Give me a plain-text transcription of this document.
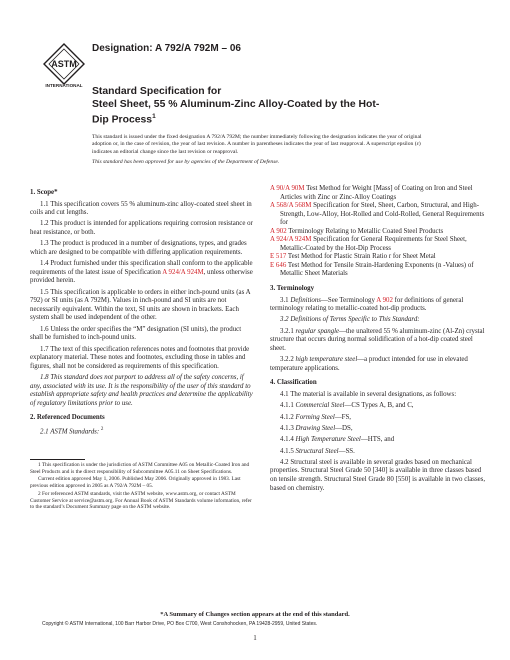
ASTM
INTERNATIONAL
Designation: A 792/A 792M – 06
Standard Specification for
Steel Sheet, 55 % Aluminum-Zinc Alloy-Coated by the Hot-
Dip Process$^1$

This standard is issued under the fixed designation A 792/A 792M; the number immediately following the designation indicates the year of original adoption or, in the case of revision, the year of last revision. A number in parentheses indicates the year of last reapproval. A superscript epsilon (ε) indicates an editorial change since the last revision or reapproval.

This standard has been approved for use by agencies of the Department of Defense.

1. Scope*

1.1 This specification covers 55 % aluminum-zinc alloy-coated steel sheet in coils and cut lengths.

1.2 This product is intended for applications requiring corrosion resistance or heat resistance, or both.

1.3 The product is produced in a number of designations, types, and grades which are designed to be compatible with differing application requirements.

1.4 Product furnished under this specification shall conform to the applicable requirements of the latest issue of Specification A 924/A 924M, unless otherwise provided herein.

1.5 This specification is applicable to orders in either inch-pound units (as A 792) or SI units (as A 792M). Values in inch-pound and SI units are not necessarily equivalent. Within the text, SI units are shown in brackets. Each system shall be used independent of the other.

1.6 Unless the order specifies the “M” designation (SI units), the product shall be furnished to inch-pound units.

1.7 The text of this specification references notes and footnotes that provide explanatory material. These notes and footnotes, excluding those in tables and figures, shall not be considered as requirements of this specification.

1.8 This standard does not purport to address all of the safety concerns, if any, associated with its use. It is the responsibility of the user of this standard to establish appropriate safety and health practices and determine the applicability of regulatory limitations prior to use.

2. Referenced Documents

2.1 ASTM Standards: $^2$

1 This specification is under the jurisdiction of ASTM Committee A05 on Metallic-Coated Iron and Steel Products and is the direct responsibility of Subcommittee A05.11 on Sheet Specifications.

Current edition approved May 1, 2006. Published May 2006. Originally approved in 1983. Last previous edition approved in 2005 as A 792/A 792M – 05.

2 For referenced ASTM standards, visit the ASTM website, www.astm.org, or contact ASTM Customer Service at service@astm.org. For Annual Book of ASTM Standards volume information, refer to the standard’s Document Summary page on the ASTM website.

A 90/A 90M Test Method for Weight [Mass] of Coating on Iron and Steel Articles with Zinc or Zinc-Alloy Coatings

A 568/A 568M Specification for Steel, Sheet, Carbon, Structural, and High-Strength, Low-Alloy, Hot-Rolled and Cold-Rolled, General Requirements for

A 902 Terminology Relating to Metallic Coated Steel Products

A 924/A 924M Specification for General Requirements for Steel Sheet, Metallic-Coated by the Hot-Dip Process

E 517 Test Method for Plastic Strain Ratio r for Sheet Metal

E 646 Test Method for Tensile Strain-Hardening Exponents (n -Values) of Metallic Sheet Materials

3. Terminology

3.1 Definitions—See Terminology A 902 for definitions of general terminology relating to metallic-coated hot-dip products.

3.2 Definitions of Terms Specific to This Standard:

3.2.1 regular spangle—the unaltered 55 % aluminum-zinc (Al-Zn) crystal structure that occurs during normal solidification of a hot-dip coated steel sheet.

3.2.2 high temperature steel—a product intended for use in elevated temperature applications.

4. Classification

4.1 The material is available in several designations, as follows:

4.1.1 Commercial Steel—CS Types A, B, and C,

4.1.2 Forming Steel—FS,

4.1.3 Drawing Steel—DS,

4.1.4 High Temperature Steel—HTS, and

4.1.5 Structural Steel—SS.

4.2 Structural steel is available in several grades based on mechanical properties. Structural Steel Grade 50 [340] is available in three classes based on tensile strength. Structural Steel Grade 80 [550] is available in two classes, based on chemistry.

*A Summary of Changes section appears at the end of this standard.
Copyright © ASTM International, 100 Barr Harbor Drive, PO Box C700, West Conshohocken, PA 19428-2959, United States.
1
